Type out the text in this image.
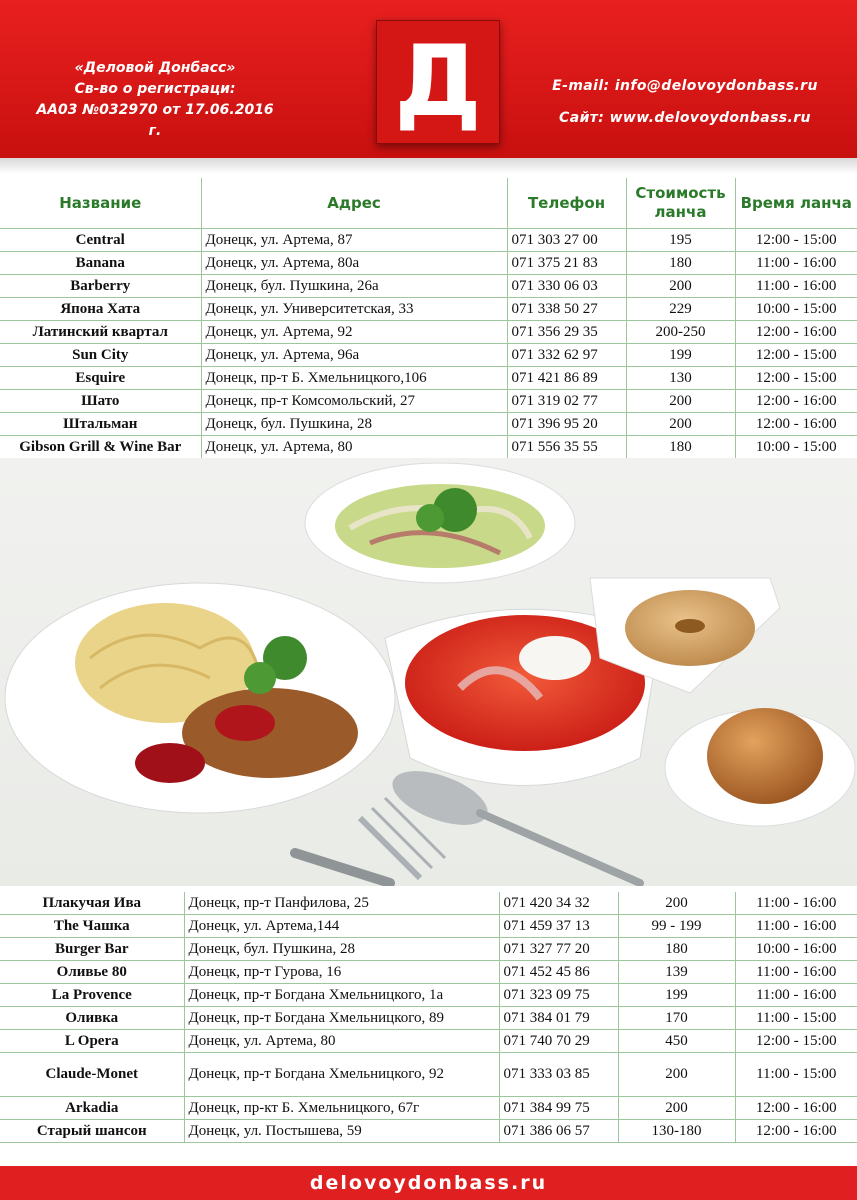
«Деловой Донбасс»
Св-во о регистраци:
AA03 №032970 от 17.06.2016 г.	Д	E-mail: info@delovoydonbass.ru
Сайт: www.delovoydonbass.ru
Название	Адрес	Телефон	Стоимость ланча	Время ланча
Central	Донецк, ул. Артема, 87	071 303 27 00	195	12:00 - 15:00
Banana	Донецк, ул. Артема, 80а	071 375 21 83	180	11:00 - 16:00
Barberry	Донецк, бул. Пушкина, 26а	071 330 06 03	200	11:00 - 16:00
Япона Хата	Донецк, ул. Университетская, 33	071 338 50 27	229	10:00 - 15:00
Латинский квартал	Донецк, ул. Артема, 92	071 356 29 35	200-250	12:00 - 16:00
Sun City	Донецк, ул. Артема, 96а	071 332 62 97	199	12:00 - 15:00
Esquire	Донецк, пр-т Б. Хмельницкого,106	071 421 86 89	130	12:00 - 15:00
Шато	Донецк, пр-т Комсомольский, 27	071 319 02 77	200	12:00 - 16:00
Штальман	Донецк, бул. Пушкина, 28	071 396 95 20	200	12:00 - 16:00
Gibson Grill & Wine Bar	Донецк, ул. Артема, 80	071 556 35 55	180	10:00 - 15:00
Плакучая Ива	Донецк, пр-т Панфилова, 25	071 420 34 32	200	11:00 - 16:00
The Чашка	Донецк, ул. Артема,144	071 459 37 13	99 - 199	11:00 - 16:00
Burger Bar	Донецк, бул. Пушкина, 28	071 327 77 20	180	10:00 - 16:00
Оливье 80	Донецк, пр-т Гурова, 16	071 452 45 86	139	11:00 - 16:00
La Provence	Донецк, пр-т Богдана Хмельницкого, 1а	071 323 09 75	199	11:00 - 16:00
Оливка	Донецк, пр-т Богдана Хмельницкого, 89	071 384 01 79	170	11:00 - 15:00
L Opera	Донецк, ул. Артема, 80	071 740 70 29	450	12:00 - 15:00
Claude-Monet	Донецк, пр-т Богдана Хмельницкого, 92	071 333 03 85	200	11:00 - 15:00
Arkadia	Донецк, пр-кт Б. Хмельницкого, 67г	071 384 99 75	200	12:00 - 16:00
Старый шансон	Донецк, ул. Постышева, 59	071 386 06 57	130-180	12:00 - 16:00
delovoydonbass.ru
